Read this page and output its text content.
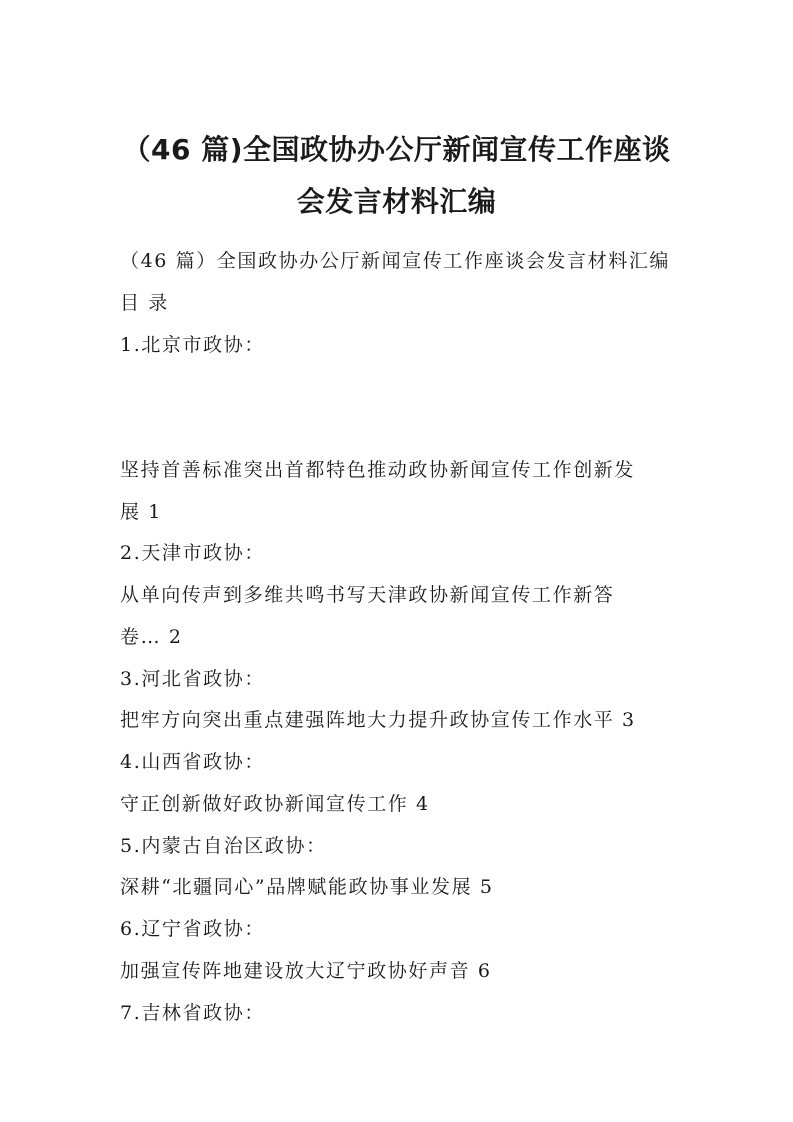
（46 篇)全国政协办公厅新闻宣传工作座谈
会发言材料汇编
（46 篇）全国政协办公厅新闻宣传工作座谈会发言材料汇编
目 录
1.北京市政协：
坚持首善标准突出首都特色推动政协新闻宣传工作创新发
展 1
2.天津市政协：
从单向传声到多维共鸣书写天津政协新闻宣传工作新答
卷… 2
3.河北省政协：
把牢方向突出重点建强阵地大力提升政协宣传工作水平 3
4.山西省政协：
守正创新做好政协新闻宣传工作 4
5.内蒙古自治区政协：
深耕“北疆同心”品牌赋能政协事业发展 5
6.辽宁省政协：
加强宣传阵地建设放大辽宁政协好声音 6
7.吉林省政协：
